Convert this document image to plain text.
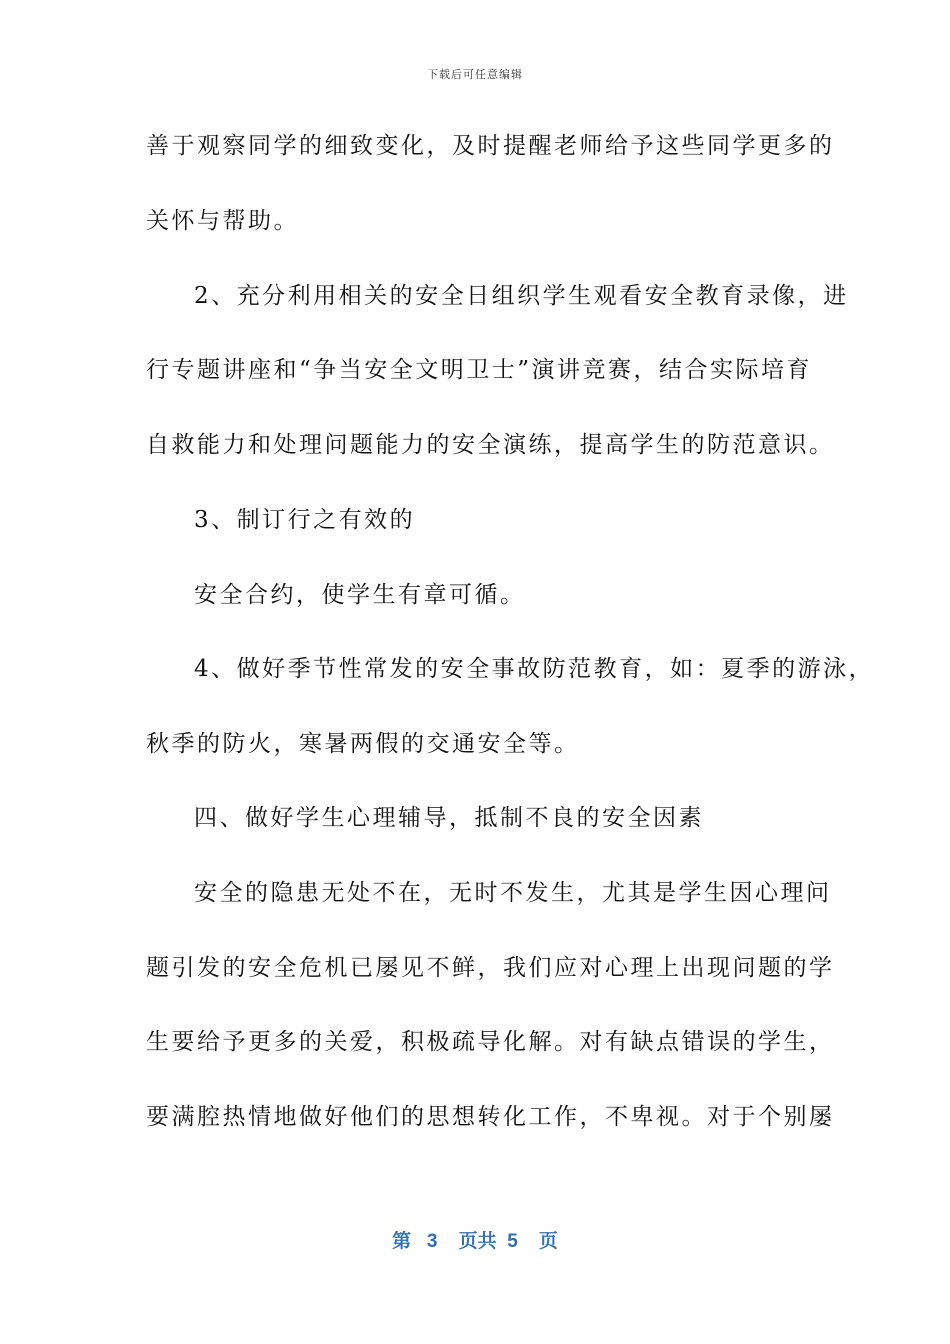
下载后可任意编辑
善于观察同学的细致变化，及时提醒老师给予这些同学更多的
关怀与帮助。
2、充分利用相关的安全日组织学生观看安全教育录像，进
行专题讲座和“争当安全文明卫士”演讲竞赛，结合实际培育
自救能力和处理问题能力的安全演练，提高学生的防范意识。
3、制订行之有效的
安全合约，使学生有章可循。
4、做好季节性常发的安全事故防范教育，如：夏季的游泳，
秋季的防火，寒暑两假的交通安全等。
四、做好学生心理辅导，抵制不良的安全因素
安全的隐患无处不在，无时不发生，尤其是学生因心理问
题引发的安全危机已屡见不鲜，我们应对心理上出现问题的学
生要给予更多的关爱，积极疏导化解。对有缺点错误的学生，
要满腔热情地做好他们的思想转化工作，不卑视。对于个别屡
第 3 页共 5 页
